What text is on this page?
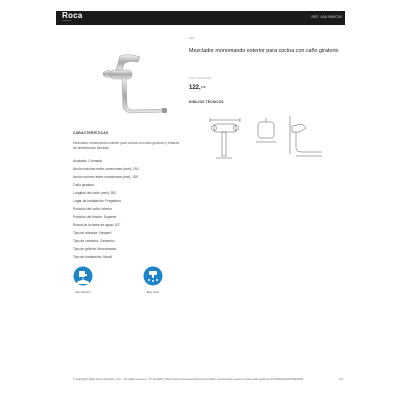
Roca
━━━━━━━
REF. A5A7669C00
L20
Mezclador monomando exterior para cocina con caño giratorio
P.V.P. (IVA incluido)
122,07€
DIBUJOS TÉCNICOS
CARACTERÍSTICAS
Mezclador monomando exterior para cocina con caño giratorio y enlaces de alimentación flexibles
Acabado: Cromado
Ancho máximo entre conexiones (mm): 150
Ancho mínimo entre conexiones (mm): 130
Caño giratorio
Longitud del caño (mm): 251
Lugar de Instalación: Fregadero
Posición del caño: Inferior
Posición del tirador: Superior
Rosca de la toma de agua: 1/2"
Tipo de aireador: Neoperl
Tipo de cartucho: Cerámico
Tipo de grifería: Monomando
Tipo de Instalación: Mural
Eco-cartucho	Easy clean
© Copyright 2022. Roca Sanitario, S.A. - All rights reserved - 27.10.2022 | https://www.roca.es/productos/mezclador-monomando-exterior-cocina-caño-giratorio-5A7669C00/A5A7669C00	1/2
